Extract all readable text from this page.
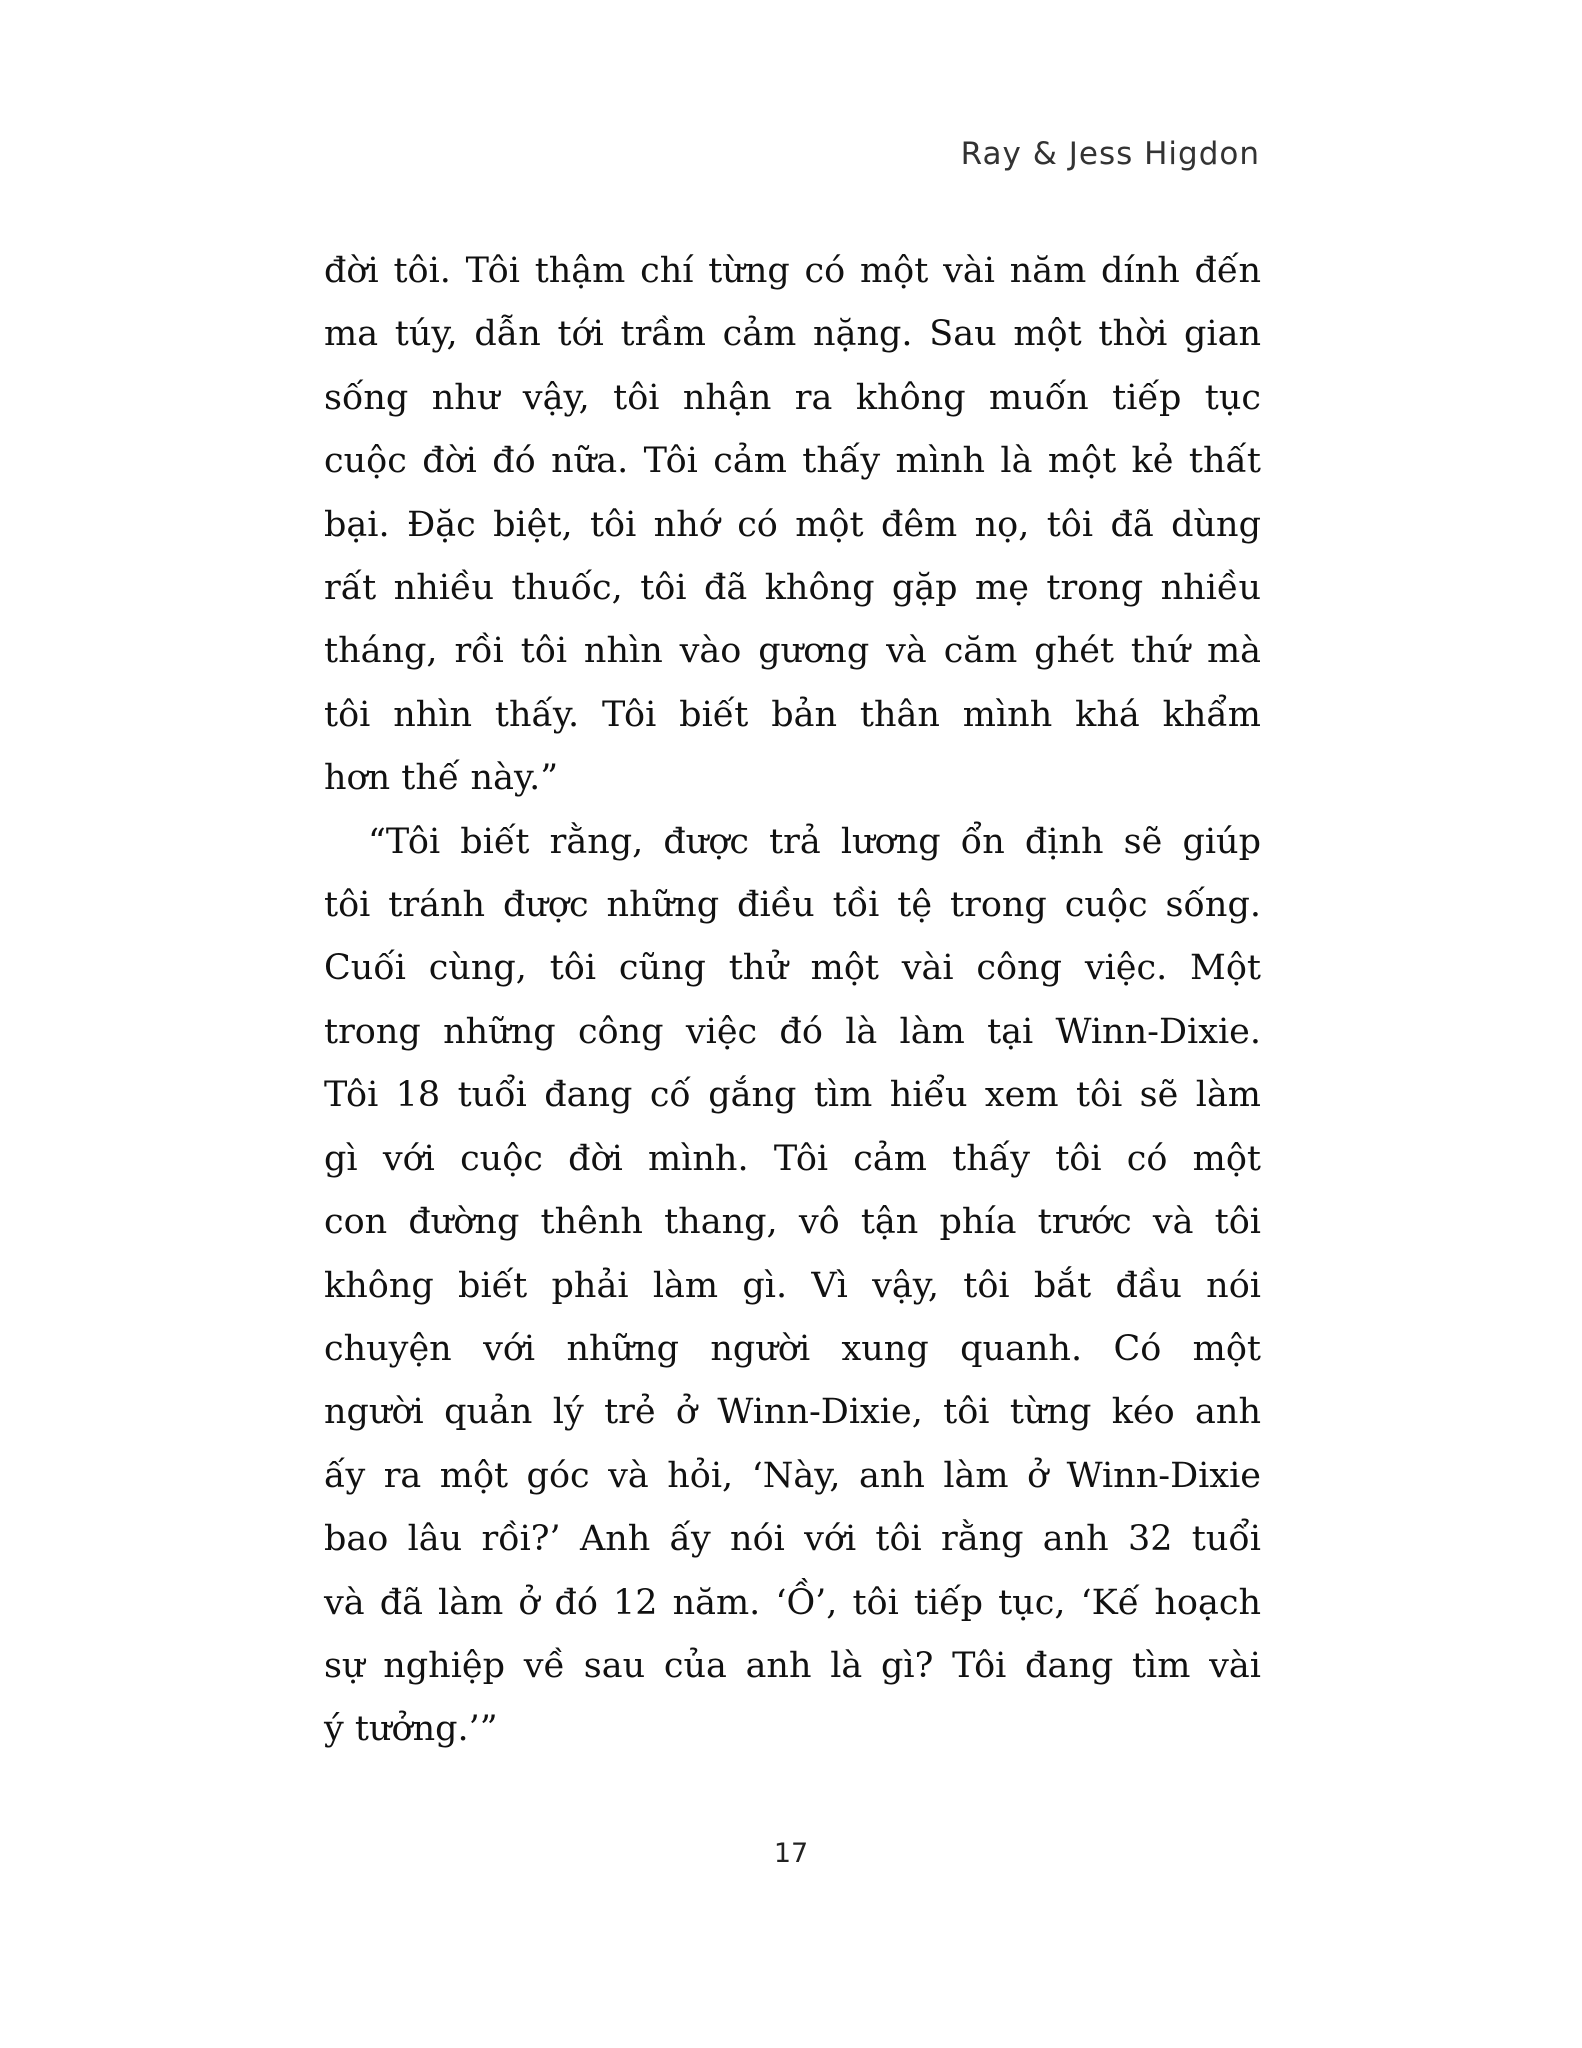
Ray & Jess Higdon

đời tôi. Tôi thậm chí từng có một vài năm dính đến
ma túy, dẫn tới trầm cảm nặng. Sau một thời gian
sống như vậy, tôi nhận ra không muốn tiếp tục
cuộc đời đó nữa. Tôi cảm thấy mình là một kẻ thất
bại. Đặc biệt, tôi nhớ có một đêm nọ, tôi đã dùng
rất nhiều thuốc, tôi đã không gặp mẹ trong nhiều
tháng, rồi tôi nhìn vào gương và căm ghét thứ mà
tôi nhìn thấy. Tôi biết bản thân mình khá khẩm
hơn thế này.”

“Tôi biết rằng, được trả lương ổn định sẽ giúp
tôi tránh được những điều tồi tệ trong cuộc sống.
Cuối cùng, tôi cũng thử một vài công việc. Một
trong những công việc đó là làm tại Winn-Dixie.
Tôi 18 tuổi đang cố gắng tìm hiểu xem tôi sẽ làm
gì với cuộc đời mình. Tôi cảm thấy tôi có một
con đường thênh thang, vô tận phía trước và tôi
không biết phải làm gì. Vì vậy, tôi bắt đầu nói
chuyện với những người xung quanh. Có một
người quản lý trẻ ở Winn-Dixie, tôi từng kéo anh
ấy ra một góc và hỏi, ‘Này, anh làm ở Winn-Dixie
bao lâu rồi?’ Anh ấy nói với tôi rằng anh 32 tuổi
và đã làm ở đó 12 năm. ‘Ồ’, tôi tiếp tục, ‘Kế hoạch
sự nghiệp về sau của anh là gì? Tôi đang tìm vài
ý tưởng.’”

17
